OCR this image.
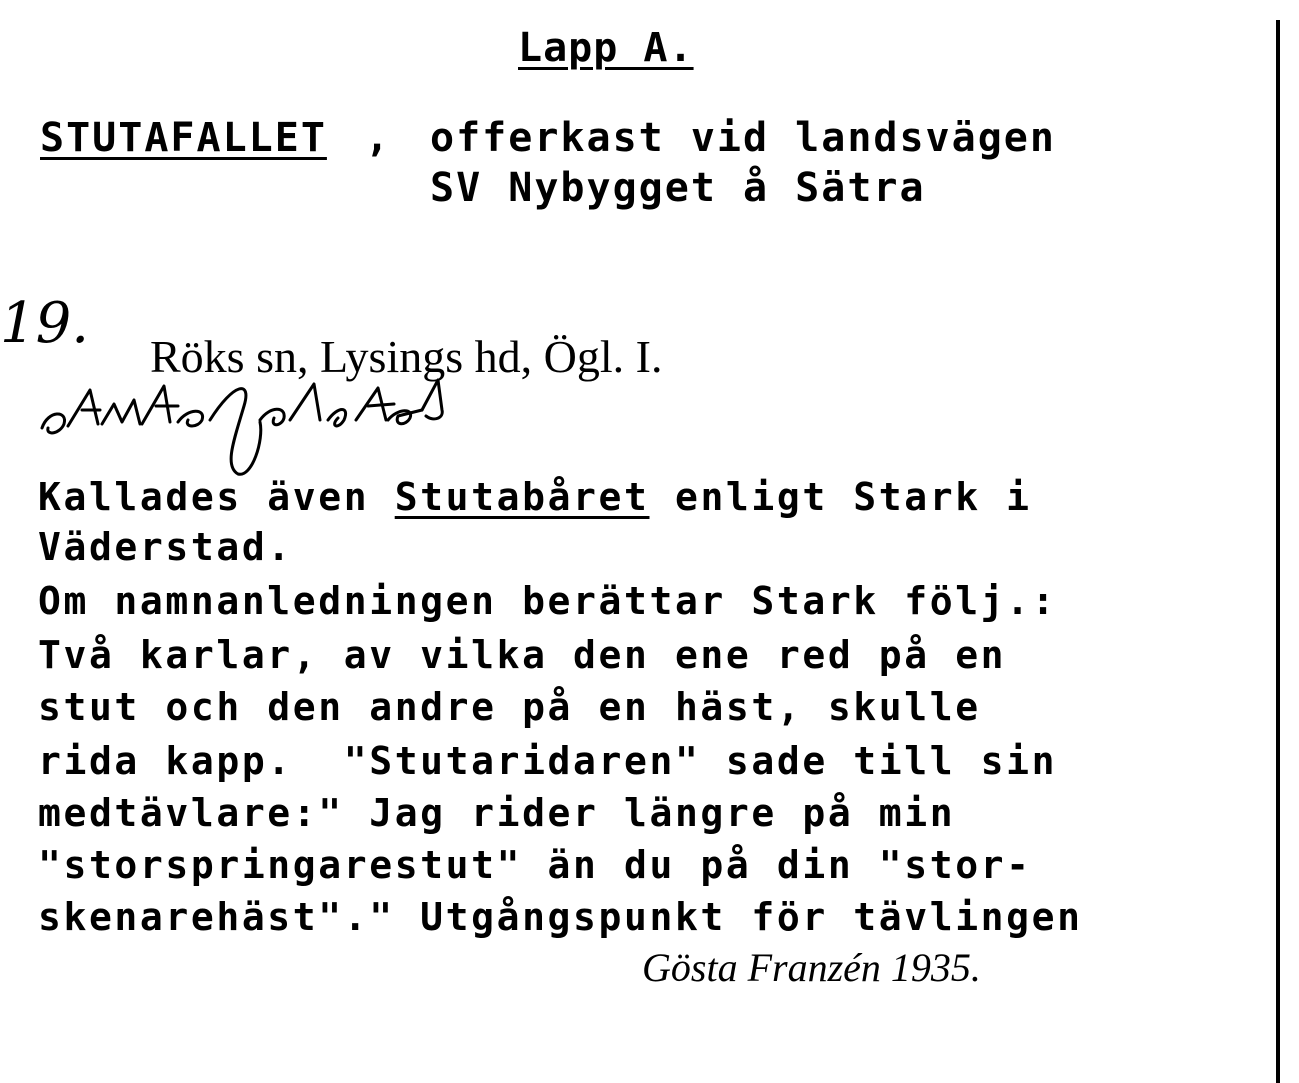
Lapp A.
STUTAFALLET , offerkast vid landsvägen
SV Nybygget å Sätra
19.
Röks sn, Lysings hd, Ögl. I.
Kallades även Stutabåret enligt Stark i
Väderstad.
Om namnanledningen berättar Stark följ.:
Två karlar, av vilka den ene red på en
stut och den andre på en häst, skulle
rida kapp.  "Stutaridaren" sade till sin
medtävlare:" Jag rider längre på min
"storspringarestut" än du på din "stor-
skenarehäst"." Utgångspunkt för tävlingen
Gösta Franzén 1935.
